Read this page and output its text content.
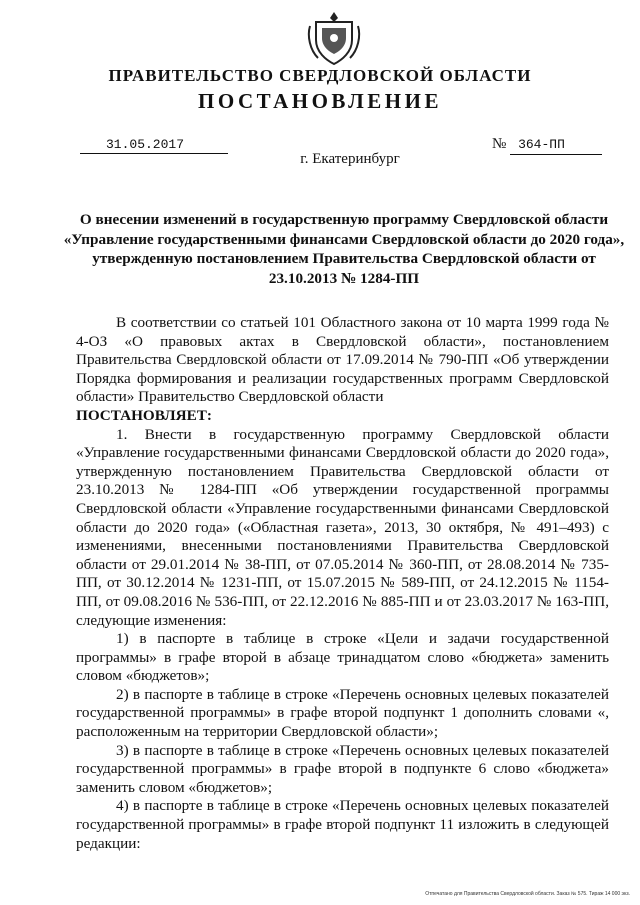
ПРАВИТЕЛЬСТВО СВЕРДЛОВСКОЙ ОБЛАСТИ
ПОСТАНОВЛЕНИЕ
31.05.2017	№ 364-ПП
г. Екатеринбург
О внесении изменений в государственную программу Свердловской области «Управление государственными финансами Свердловской области до 2020 года», утвержденную постановлением Правительства Свердловской области от 23.10.2013 № 1284-ПП

В соответствии со статьей 101 Областного закона от 10 марта 1999 года № 4-ОЗ «О правовых актах в Свердловской области», постановлением Правительства Свердловской области от 17.09.2014 № 790-ПП «Об утверждении Порядка формирования и реализации государственных программ Свердловской области» Правительство Свердловской области

ПОСТАНОВЛЯЕТ:

1. Внести в государственную программу Свердловской области «Управление государственными финансами Свердловской области до 2020 года», утвержденную постановлением Правительства Свердловской области от 23.10.2013 № 1284-ПП «Об утверждении государственной программы Свердловской области «Управление государственными финансами Свердловской области до 2020 года» («Областная газета», 2013, 30 октября, № 491–493) с изменениями, внесенными постановлениями Правительства Свердловской области от 29.01.2014 № 38-ПП, от 07.05.2014 № 360-ПП, от 28.08.2014 № 735-ПП, от 30.12.2014 № 1231-ПП, от 15.07.2015 № 589-ПП, от 24.12.2015 № 1154-ПП, от 09.08.2016 № 536-ПП, от 22.12.2016 № 885-ПП и от 23.03.2017 № 163-ПП, следующие изменения:

1) в паспорте в таблице в строке «Цели и задачи государственной программы» в графе второй в абзаце тринадцатом слово «бюджета» заменить словом «бюджетов»;

2) в паспорте в таблице в строке «Перечень основных целевых показателей государственной программы» в графе второй подпункт 1 дополнить словами «, расположенным на территории Свердловской области»;

3) в паспорте в таблице в строке «Перечень основных целевых показателей государственной программы» в графе второй в подпункте 6 слово «бюджета» заменить словом «бюджетов»;

4) в паспорте в таблице в строке «Перечень основных целевых показателей государственной программы» в графе второй подпункт 11 изложить в следующей редакции:

Отпечатано для Правительства Свердловской области. Заказ № 575. Тираж 14 000 экз.
